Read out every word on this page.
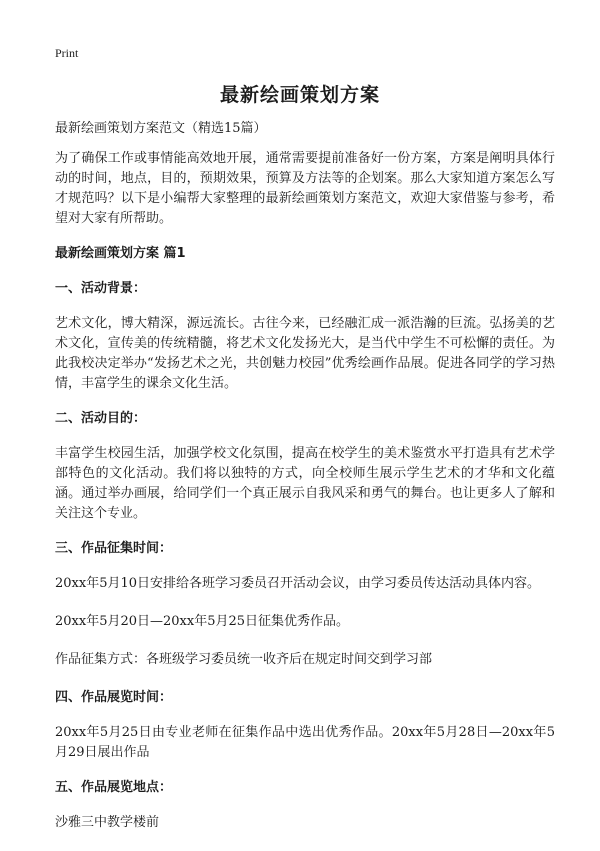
Print
最新绘画策划方案

最新绘画策划方案范文（精选15篇）

为了确保工作或事情能高效地开展，通常需要提前准备好一份方案，方案是阐明具体行动的时间，地点，目的，预期效果，预算及方法等的企划案。那么大家知道方案怎么写才规范吗？以下是小编帮大家整理的最新绘画策划方案范文，欢迎大家借鉴与参考，希望对大家有所帮助。

最新绘画策划方案 篇1

一、活动背景：

艺术文化，博大精深，源远流长。古往今来，已经融汇成一派浩瀚的巨流。弘扬美的艺术文化，宣传美的传统精髓，将艺术文化发扬光大，是当代中学生不可松懈的责任。为此我校决定举办“发扬艺术之光，共创魅力校园”优秀绘画作品展。促进各同学的学习热情，丰富学生的课余文化生活。

二、活动目的：

丰富学生校园生活，加强学校文化氛围，提高在校学生的美术鉴赏水平打造具有艺术学部特色的文化活动。我们将以独特的方式，向全校师生展示学生艺术的才华和文化蕴涵。通过举办画展，给同学们一个真正展示自我风采和勇气的舞台。也让更多人了解和关注这个专业。

三、作品征集时间：

20xx年5月10日安排给各班学习委员召开活动会议，由学习委员传达活动具体内容。

20xx年5月20日—20xx年5月25日征集优秀作品。

作品征集方式：各班级学习委员统一收齐后在规定时间交到学习部

四、作品展览时间：

20xx年5月25日由专业老师在征集作品中选出优秀作品。20xx年5月28日—20xx年5月29日展出作品

五、作品展览地点：

沙雅三中教学楼前
